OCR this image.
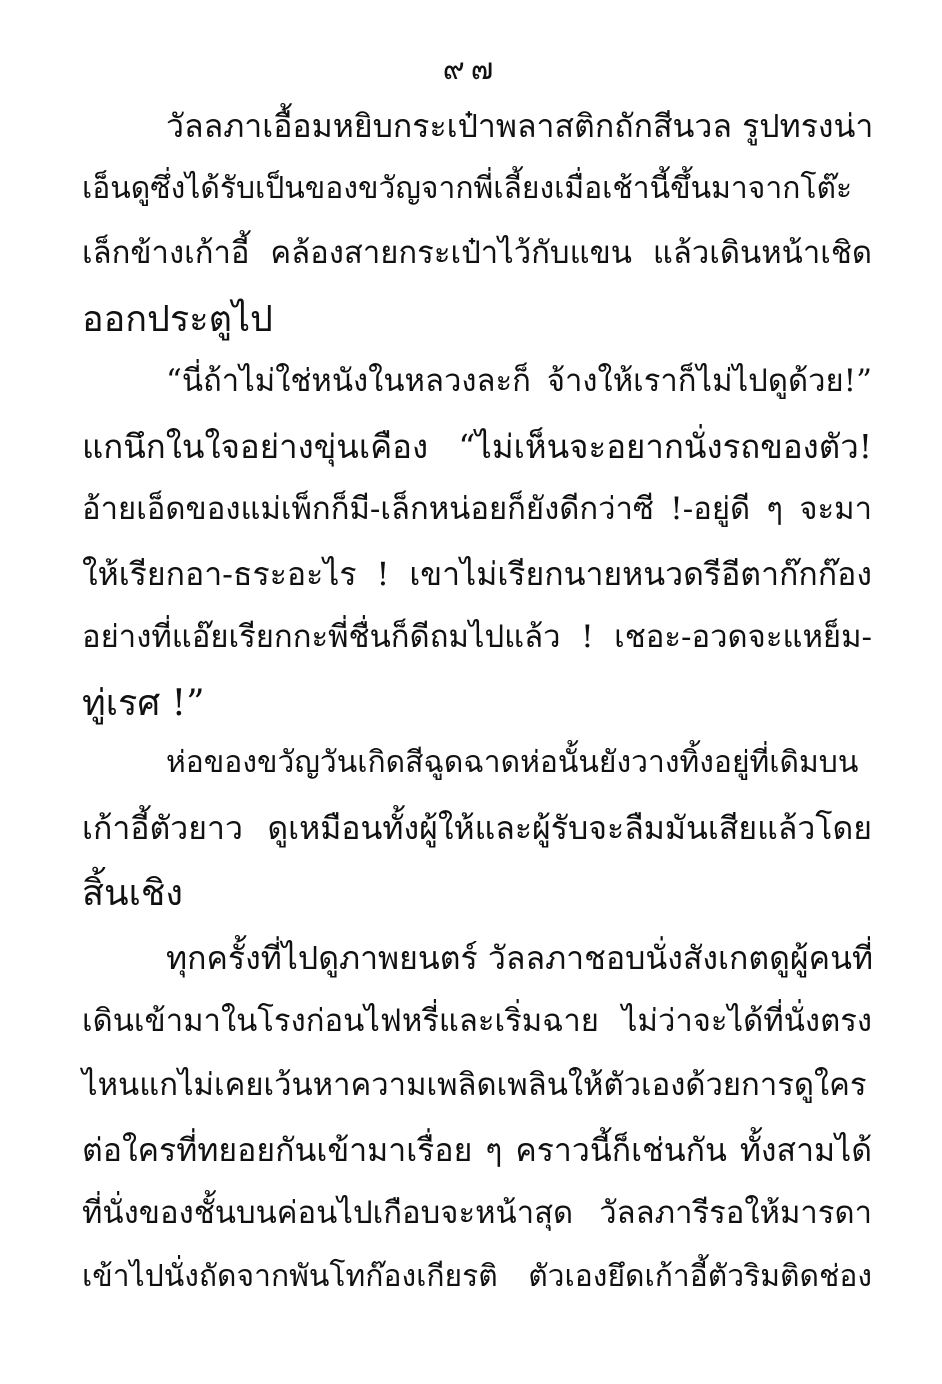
๙๗
วัลลภาเอื้อมหยิบกระเป๋าพลาสติกถักสีนวล รูปทรงน่า
เอ็นดูซึ่งได้รับเป็นของขวัญจากพี่เลี้ยงเมื่อเช้านี้ขึ้นมาจากโต๊ะ
เล็กข้างเก้าอี้ คล้องสายกระเป๋าไว้กับแขน แล้วเดินหน้าเชิด
ออกประตูไป
“นี่ถ้าไม่ใช่หนังในหลวงละก็ จ้างให้เราก็ไม่ไปดูด้วย!”
แกนึกในใจอย่างขุ่นเคือง “ไม่เห็นจะอยากนั่งรถของตัว!
อ้ายเอ็ดของแม่เพ็กก็มี-เล็กหน่อยก็ยังดีกว่าซี !-อยู่ดี ๆ จะมา
ให้เรียกอา-ธระอะไร ! เขาไม่เรียกนายหนวดรีอีตาก๊กก๊อง
อย่างที่แอ๊ยเรียกกะพี่ชื่นก็ดีถมไปแล้ว ! เชอะ-อวดจะแหย็ม-
ทู่เรศ !”
ห่อของขวัญวันเกิดสีฉูดฉาดห่อนั้นยังวางทิ้งอยู่ที่เดิมบน
เก้าอี้ตัวยาว ดูเหมือนทั้งผู้ให้และผู้รับจะลืมมันเสียแล้วโดย
สิ้นเชิง
ทุกครั้งที่ไปดูภาพยนตร์ วัลลภาชอบนั่งสังเกตดูผู้คนที่
เดินเข้ามาในโรงก่อนไฟหรี่และเริ่มฉาย ไม่ว่าจะได้ที่นั่งตรง
ไหนแกไม่เคยเว้นหาความเพลิดเพลินให้ตัวเองด้วยการดูใคร
ต่อใครที่ทยอยกันเข้ามาเรื่อย ๆ คราวนี้ก็เช่นกัน ทั้งสามได้
ที่นั่งของชั้นบนค่อนไปเกือบจะหน้าสุด วัลลภารีรอให้มารดา
เข้าไปนั่งถัดจากพันโทก๊องเกียรติ ตัวเองยึดเก้าอี้ตัวริมติดช่อง
